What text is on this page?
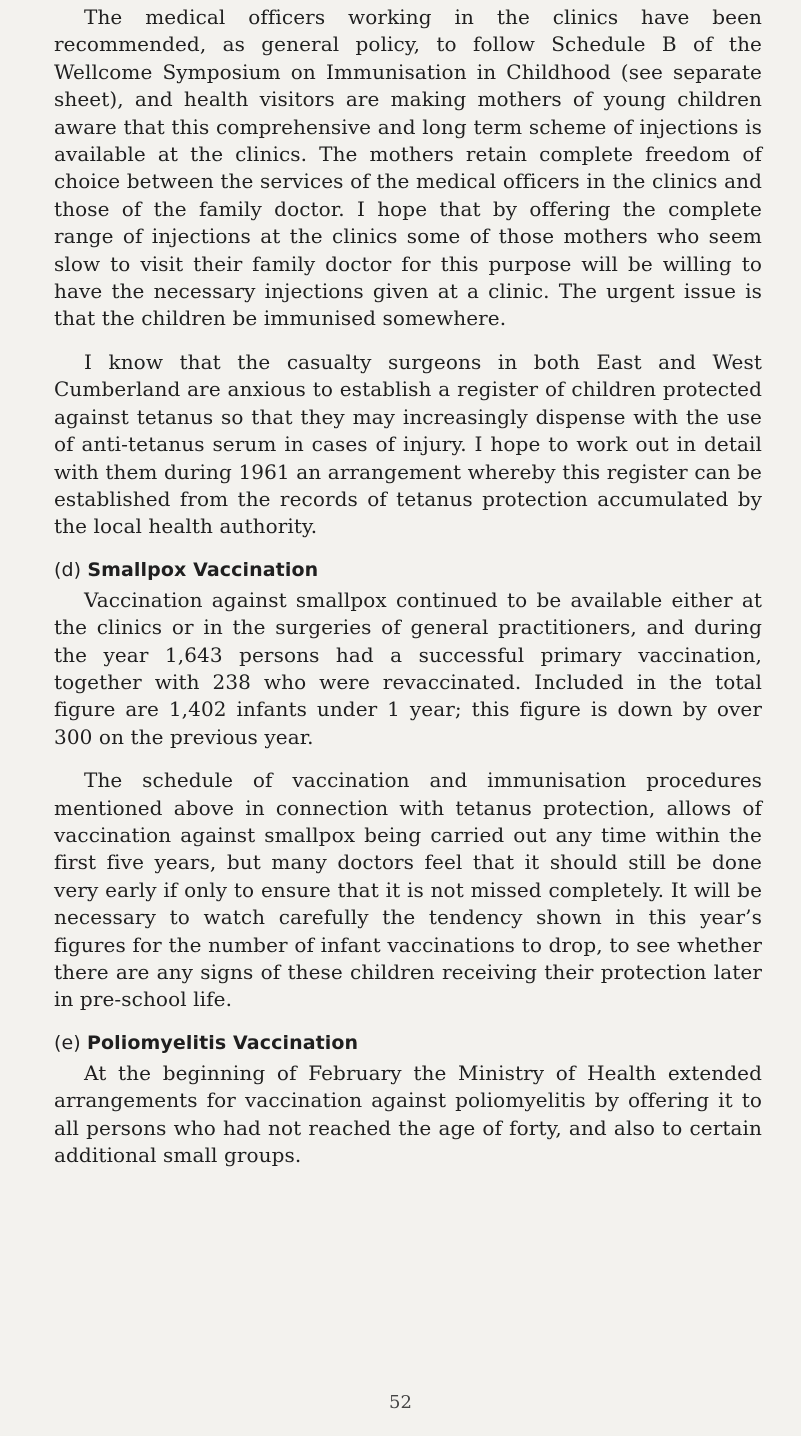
The medical officers working in the clinics have been recommended, as general policy, to follow Schedule B of the Wellcome Symposium on Immunisation in Childhood (see separate sheet), and health visitors are making mothers of young children aware that this comprehensive and long term scheme of injections is available at the clinics. The mothers retain complete freedom of choice between the services of the medical officers in the clinics and those of the family doctor. I hope that by offering the complete range of injections at the clinics some of those mothers who seem slow to visit their family doctor for this purpose will be willing to have the necessary injections given at a clinic. The urgent issue is that the children be immunised somewhere.

I know that the casualty surgeons in both East and West Cumberland are anxious to establish a register of children protected against tetanus so that they may increasingly dispense with the use of anti-tetanus serum in cases of injury. I hope to work out in detail with them during 1961 an arrangement whereby this register can be established from the records of tetanus protection accumulated by the local health authority.

(d) Smallpox Vaccination

Vaccination against smallpox continued to be available either at the clinics or in the surgeries of general practitioners, and during the year 1,643 persons had a successful primary vaccination, together with 238 who were revaccinated. Included in the total figure are 1,402 infants under 1 year; this figure is down by over 300 on the previous year.

The schedule of vaccination and immunisation procedures mentioned above in connection with tetanus protection, allows of vaccination against smallpox being carried out any time within the first five years, but many doctors feel that it should still be done very early if only to ensure that it is not missed completely. It will be necessary to watch carefully the tendency shown in this year’s figures for the number of infant vaccinations to drop, to see whether there are any signs of these children receiving their protection later in pre-school life.

(e) Poliomyelitis Vaccination

At the beginning of February the Ministry of Health extended arrangements for vaccination against poliomyelitis by offering it to all persons who had not reached the age of forty, and also to certain additional small groups.

52
